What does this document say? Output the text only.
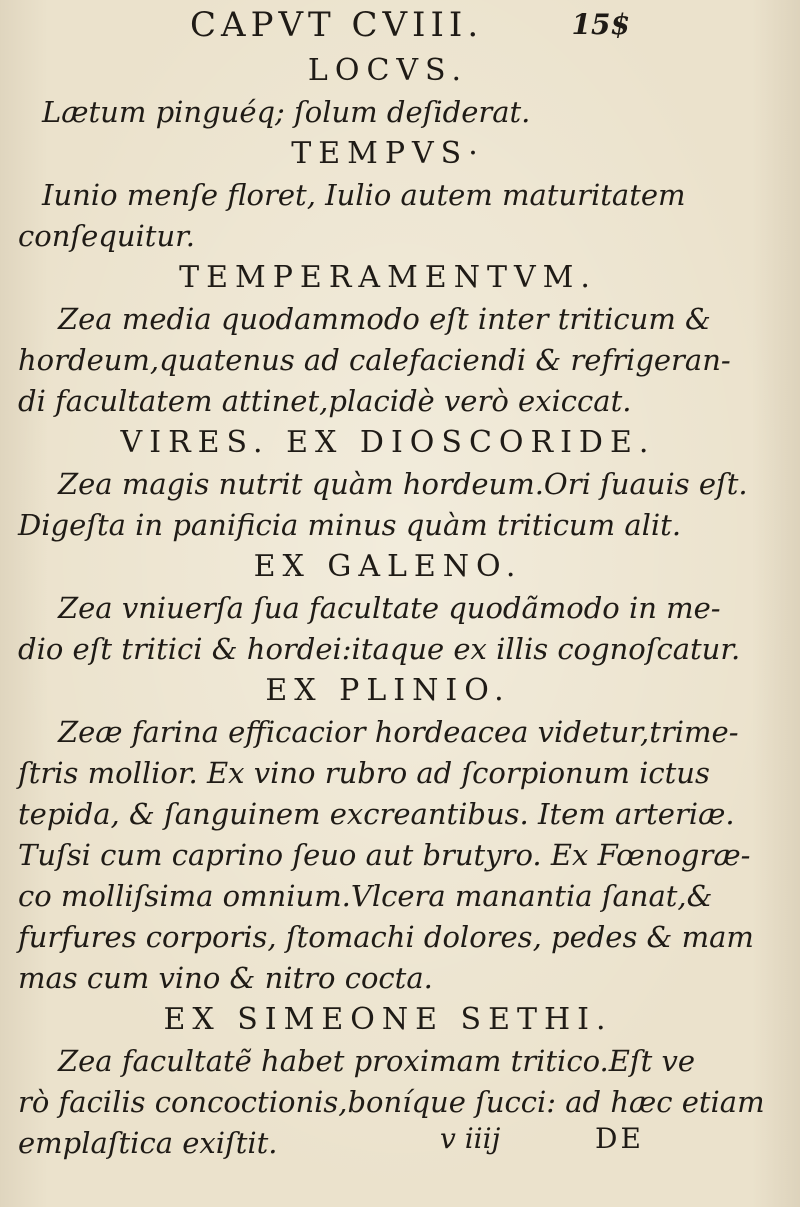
CAPVT CVIII.	15$
LOCVS.
Lætum pinguéq; ſolum deſiderat.
TEMPVS·
Iunio menſe floret, Iulio autem maturitatem
conſequitur.
TEMPERAMENTVM.
Zea media quodammodo eſt inter triticum &
hordeum,quatenus ad calefaciendi & refrigeran-
di facultatem attinet,placidè verò exiccat.
VIRES. EX DIOSCORIDE.
Zea magis nutrit quàm hordeum.Ori ſuauis eſt.
Digeſta in panificia minus quàm triticum alit.
EX GALENO.
Zea vniuerſa ſua facultate quodãmodo in me-
dio eſt tritici & hordei:itaque ex illis cognoſcatur.
EX PLINIO.
Zeæ farina efficacior hordeacea videtur,trime-
ſtris mollior. Ex vino rubro ad ſcorpionum ictus
tepida, & ſanguinem excreantibus. Item arteriæ.
Tuſsi cum caprino ſeuo aut brutyro. Ex Fœnogræ-
co molliſsima omnium.Vlcera manantia ſanat,&
furfures corporis, ſtomachi dolores, pedes & mam
mas cum vino & nitro cocta.
EX SIMEONE SETHI.
Zea facultatẽ habet proximam tritico.Eſt ve
rò facilis concoctionis,boníque ſucci: ad hæc etiam
emplaſtica exiſtit.	v iiij	DE
